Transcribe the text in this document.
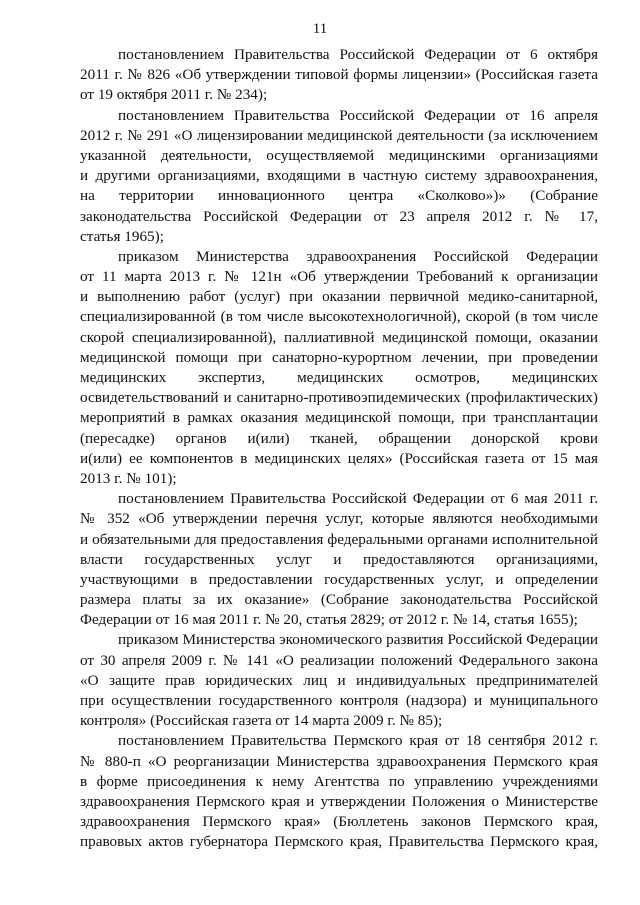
11
постановлением Правительства Российской Федерации от 6 октября
2011 г. № 826 «Об утверждении типовой формы лицензии» (Российская газета
от 19 октября 2011 г. № 234);
постановлением Правительства Российской Федерации от 16 апреля
2012 г. № 291 «О лицензировании медицинской деятельности (за исключением
указанной деятельности, осуществляемой медицинскими организациями
и другими организациями, входящими в частную систему здравоохранения,
на территории инновационного центра «Сколково»)» (Собрание
законодательства Российской Федерации от 23 апреля 2012 г. № 17,
статья 1965);
приказом Министерства здравоохранения Российской Федерации
от 11 марта 2013 г. № 121н «Об утверждении Требований к организации
и выполнению работ (услуг) при оказании первичной медико-санитарной,
специализированной (в том числе высокотехнологичной), скорой (в том числе
скорой специализированной), паллиативной медицинской помощи, оказании
медицинской помощи при санаторно-курортном лечении, при проведении
медицинских экспертиз, медицинских осмотров, медицинских
освидетельствований и санитарно-противоэпидемических (профилактических)
мероприятий в рамках оказания медицинской помощи, при трансплантации
(пересадке) органов и(или) тканей, обращении донорской крови
и(или) ее компонентов в медицинских целях» (Российская газета от 15 мая
2013 г. № 101);
постановлением Правительства Российской Федерации от 6 мая 2011 г.
№ 352 «Об утверждении перечня услуг, которые являются необходимыми
и обязательными для предоставления федеральными органами исполнительной
власти государственных услуг и предоставляются организациями,
участвующими в предоставлении государственных услуг, и определении
размера платы за их оказание» (Собрание законодательства Российской
Федерации от 16 мая 2011 г. № 20, статья 2829; от 2012 г. № 14, статья 1655);
приказом Министерства экономического развития Российской Федерации
от 30 апреля 2009 г. № 141 «О реализации положений Федерального закона
«О защите прав юридических лиц и индивидуальных предпринимателей
при осуществлении государственного контроля (надзора) и муниципального
контроля» (Российская газета от 14 марта 2009 г. № 85);
постановлением Правительства Пермского края от 18 сентября 2012 г.
№ 880-п «О реорганизации Министерства здравоохранения Пермского края
в форме присоединения к нему Агентства по управлению учреждениями
здравоохранения Пермского края и утверждении Положения о Министерстве
здравоохранения Пермского края» (Бюллетень законов Пермского края,
правовых актов губернатора Пермского края, Правительства Пермского края,
